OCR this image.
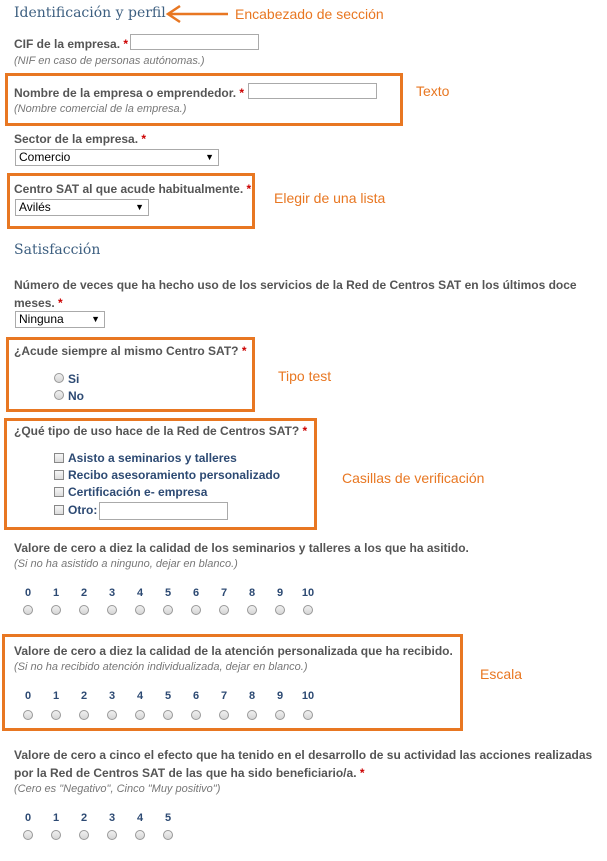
Identificación y perfil	Encabezado de sección
CIF de la empresa. *
(NIF en caso de personas autónomas.)
Nombre de la empresa o emprendedor. *
(Nombre comercial de la empresa.)
Texto
Sector de la empresa. *
Comercio	▼
Centro SAT al que acude habitualmente. *
Avilés	▼
Elegir de una lista
Satisfacción
Número de veces que ha hecho uso de los servicios de la Red de Centros SAT en los últimos doce meses. *
Ninguna	▼
¿Acude siempre al mismo Centro SAT? *
Si
No
Tipo test
¿Qué tipo de uso hace de la Red de Centros SAT? *
Asisto a seminarios y talleres
Recibo asesoramiento personalizado
Certificación e- empresa
Otro:
Casillas de verificación
Valore de cero a diez la calidad de los seminarios y talleres a los que ha asitido.
(Si no ha asistido a ninguno, dejar en blanco.)
0	1	2	3	4	5	6	7	8	9	10
Valore de cero a diez la calidad de la atención personalizada que ha recibido.
(Si no ha recibido atención individualizada, dejar en blanco.)
0	1	2	3	4	5	6	7	8	9	10
Escala
Valore de cero a cinco el efecto que ha tenido en el desarrollo de su actividad las acciones realizadas por la Red de Centros SAT de las que ha sido beneficiario/a. *
(Cero es "Negativo", Cinco "Muy positivo")
0	1	2	3	4	5
